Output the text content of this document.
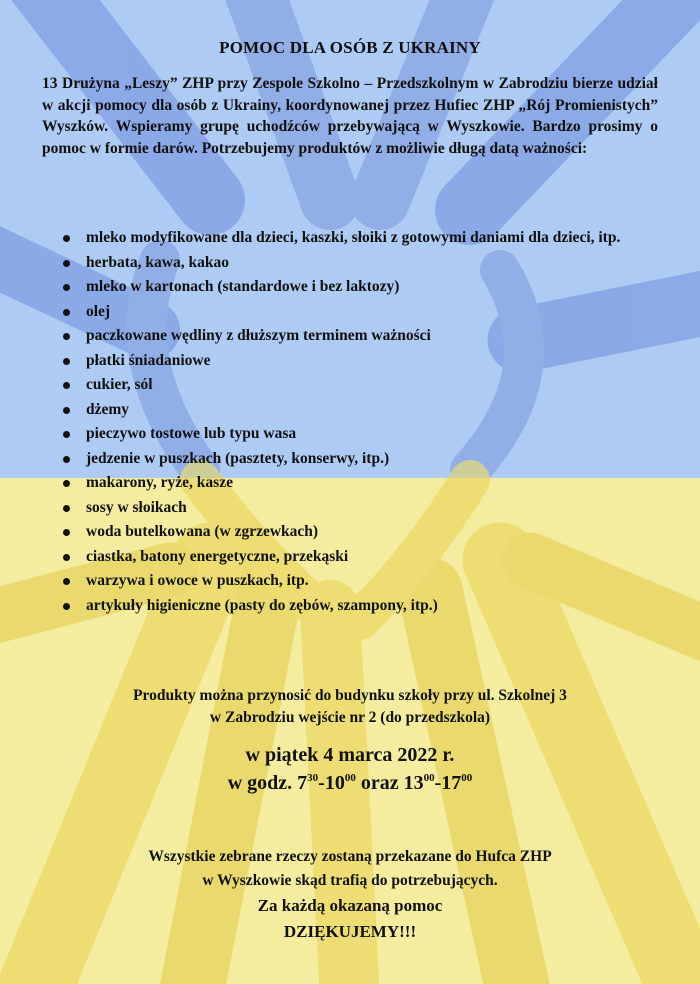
POMOC DLA OSÓB Z UKRAINY
13 Drużyna „Leszy” ZHP przy Zespole Szkolno – Przedszkolnym w Zabrodziu bierze udział w akcji pomocy dla osób z Ukrainy, koordynowanej przez Hufiec ZHP „Rój Promienistych” Wyszków. Wspieramy grupę uchodźców przebywającą w Wyszkowie. Bardzo prosimy o pomoc w formie darów. Potrzebujemy produktów z możliwie długą datą ważności:
mleko modyfikowane dla dzieci, kaszki, słoiki z gotowymi daniami dla dzieci, itp.
herbata, kawa, kakao
mleko w kartonach (standardowe i bez laktozy)
olej
paczkowane wędliny z dłuższym terminem ważności
płatki śniadaniowe
cukier, sól
dżemy
pieczywo tostowe lub typu wasa
jedzenie w puszkach (pasztety, konserwy, itp.)
makarony, ryże, kasze
sosy w słoikach
woda butelkowana (w zgrzewkach)
ciastka, batony energetyczne, przekąski
warzywa i owoce w puszkach, itp.
artykuły higieniczne (pasty do zębów, szampony, itp.)
Produkty można przynosić do budynku szkoły przy ul. Szkolnej 3
w Zabrodziu wejście nr 2 (do przedszkola)
w piątek 4 marca 2022 r.
w godz. $7^{30}-10^{00}$ oraz $13^{00}-17^{00}$
Wszystkie zebrane rzeczy zostaną przekazane do Hufca ZHP
w Wyszkowie skąd trafią do potrzebujących.
Za każdą okazaną pomoc
DZIĘKUJEMY!!!
